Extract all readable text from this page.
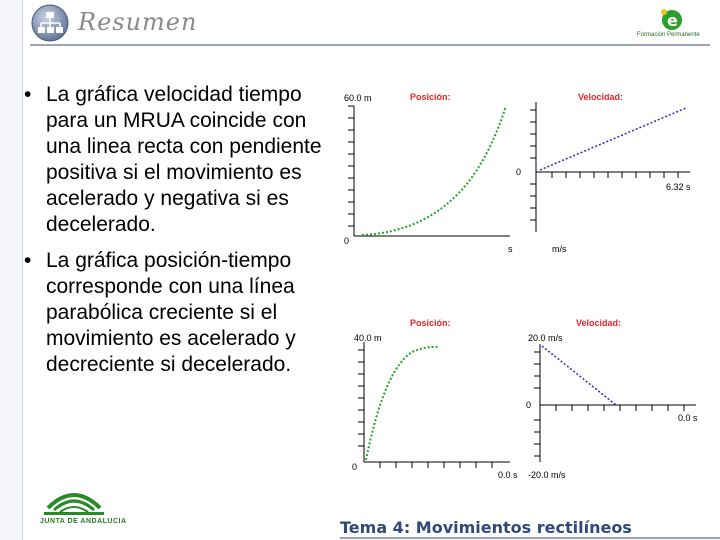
Resumen	e
Formación Permanente
• La gráfica velocidad tiempo para un MRUA coincide con una linea recta con pendiente positiva si el movimiento es acelerado y negativa si es decelerado.
• La gráfica posición-tiempo corresponde con una línea parabólica creciente si el movimiento es acelerado y decreciente si decelerado.
Posición:	Velocidad:
60.0 m
0
s
0
6.32 s
m/s
Posición:	Velocidad:
40.0 m
0
0.0 s
20.0 m/s
0
0.0 s
-20.0 m/s
JUNTA DE ANDALUCIA	Tema 4: Movimientos rectilíneos
